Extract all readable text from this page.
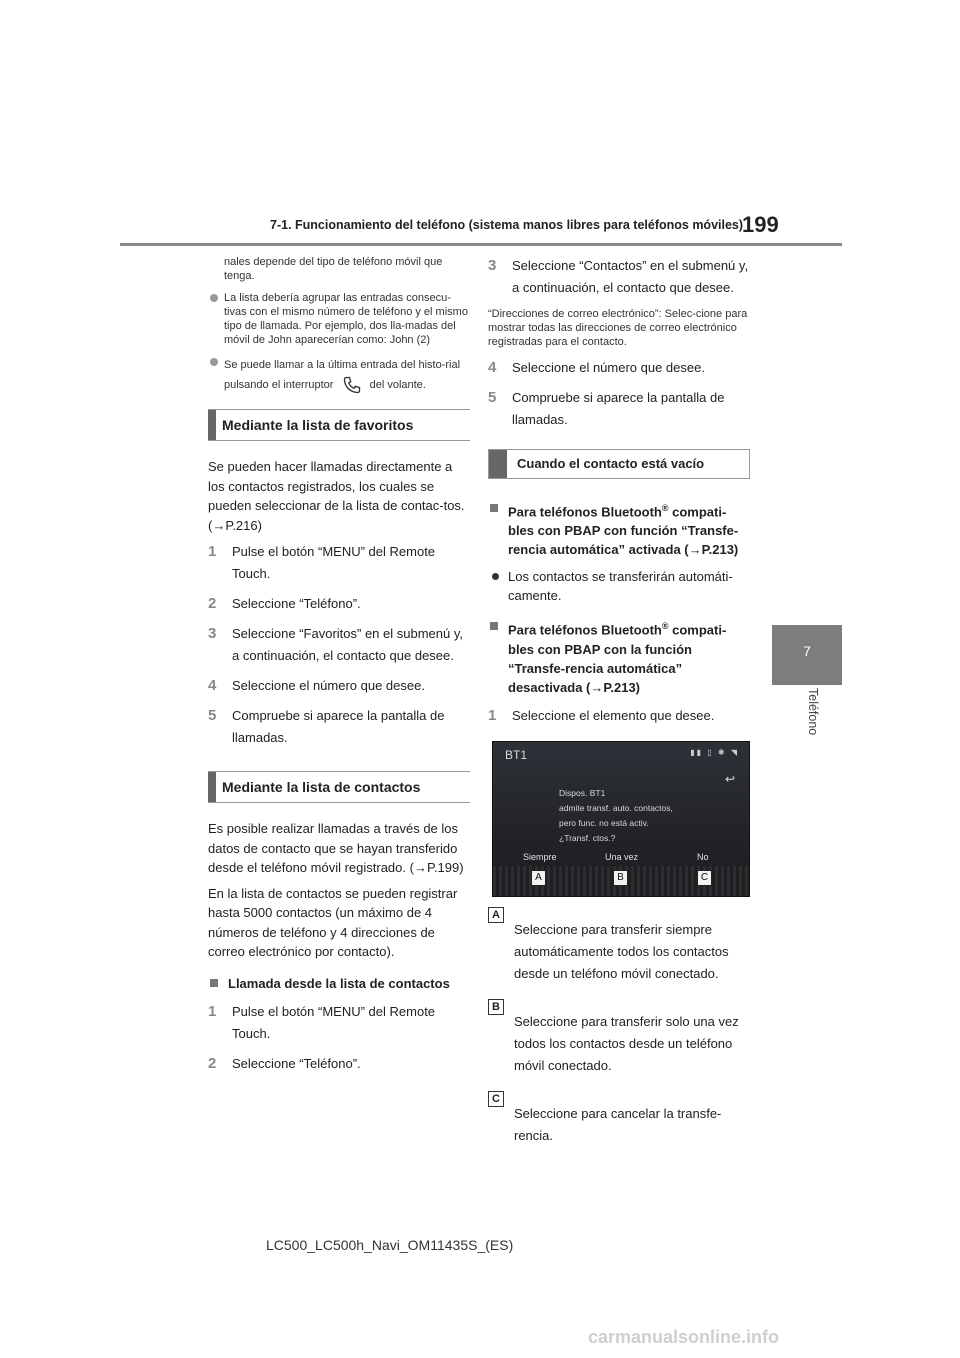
7-1. Funcionamiento del teléfono (sistema manos libres para teléfonos móviles)
199
7
Teléfono
nales depende del tipo de teléfono móvil que tenga.
La lista debería agrupar las entradas consecu-tivas con el mismo número de teléfono y el mismo tipo de llamada. Por ejemplo, dos lla-madas del móvil de John aparecerían como: John (2)
Se puede llamar a la última entrada del histo-rial pulsando el interruptor	del volante.
Mediante la lista de favoritos
Se pueden hacer llamadas directamente a los contactos registrados, los cuales se pueden seleccionar de la lista de contac-tos. (→P.216)
1 Pulse el botón “MENU” del Remote Touch.
2 Seleccione “Teléfono”.
3 Seleccione “Favoritos” en el submenú y, a continuación, el contacto que desee.
4 Seleccione el número que desee.
5 Compruebe si aparece la pantalla de llamadas.
Mediante la lista de contactos
Es posible realizar llamadas a través de los datos de contacto que se hayan transferido desde el teléfono móvil registrado. (→P.199)
En la lista de contactos se pueden registrar hasta 5000 contactos (un máximo de 4 números de teléfono y 4 direcciones de correo electrónico por contacto).
Llamada desde la lista de contactos
1 Pulse el botón “MENU” del Remote Touch.
2 Seleccione “Teléfono”.
3 Seleccione “Contactos” en el submenú y, a continuación, el contacto que desee.
“Direcciones de correo electrónico”: Selec-cione para mostrar todas las direcciones de correo electrónico registradas para el contacto.
4 Seleccione el número que desee.
5 Compruebe si aparece la pantalla de llamadas.
Cuando el contacto está vacío
Para teléfonos Bluetooth® compati-bles con PBAP con función “Transfe-rencia automática” activada (→P.213)
Los contactos se transferirán automáti-camente.
Para teléfonos Bluetooth® compati-bles con PBAP con la función “Transfe-rencia automática” desactivada (→P.213)
1 Seleccione el elemento que desee.
BT1	▮▮ ▯ ✱ ◥
↩
Dispos. BT1
admite transf. auto. contactos,
pero func. no está activ.
¿Transf. ctos.?
Siempre	Una vez	No
A	B	C
A
Seleccione para transferir siempre automáticamente todos los contactos desde un teléfono móvil conectado.
B
Seleccione para transferir solo una vez todos los contactos desde un teléfono móvil conectado.
C
Seleccione para cancelar la transfe-rencia.
LC500_LC500h_Navi_OM11435S_(ES)
carmanualsonline.info
